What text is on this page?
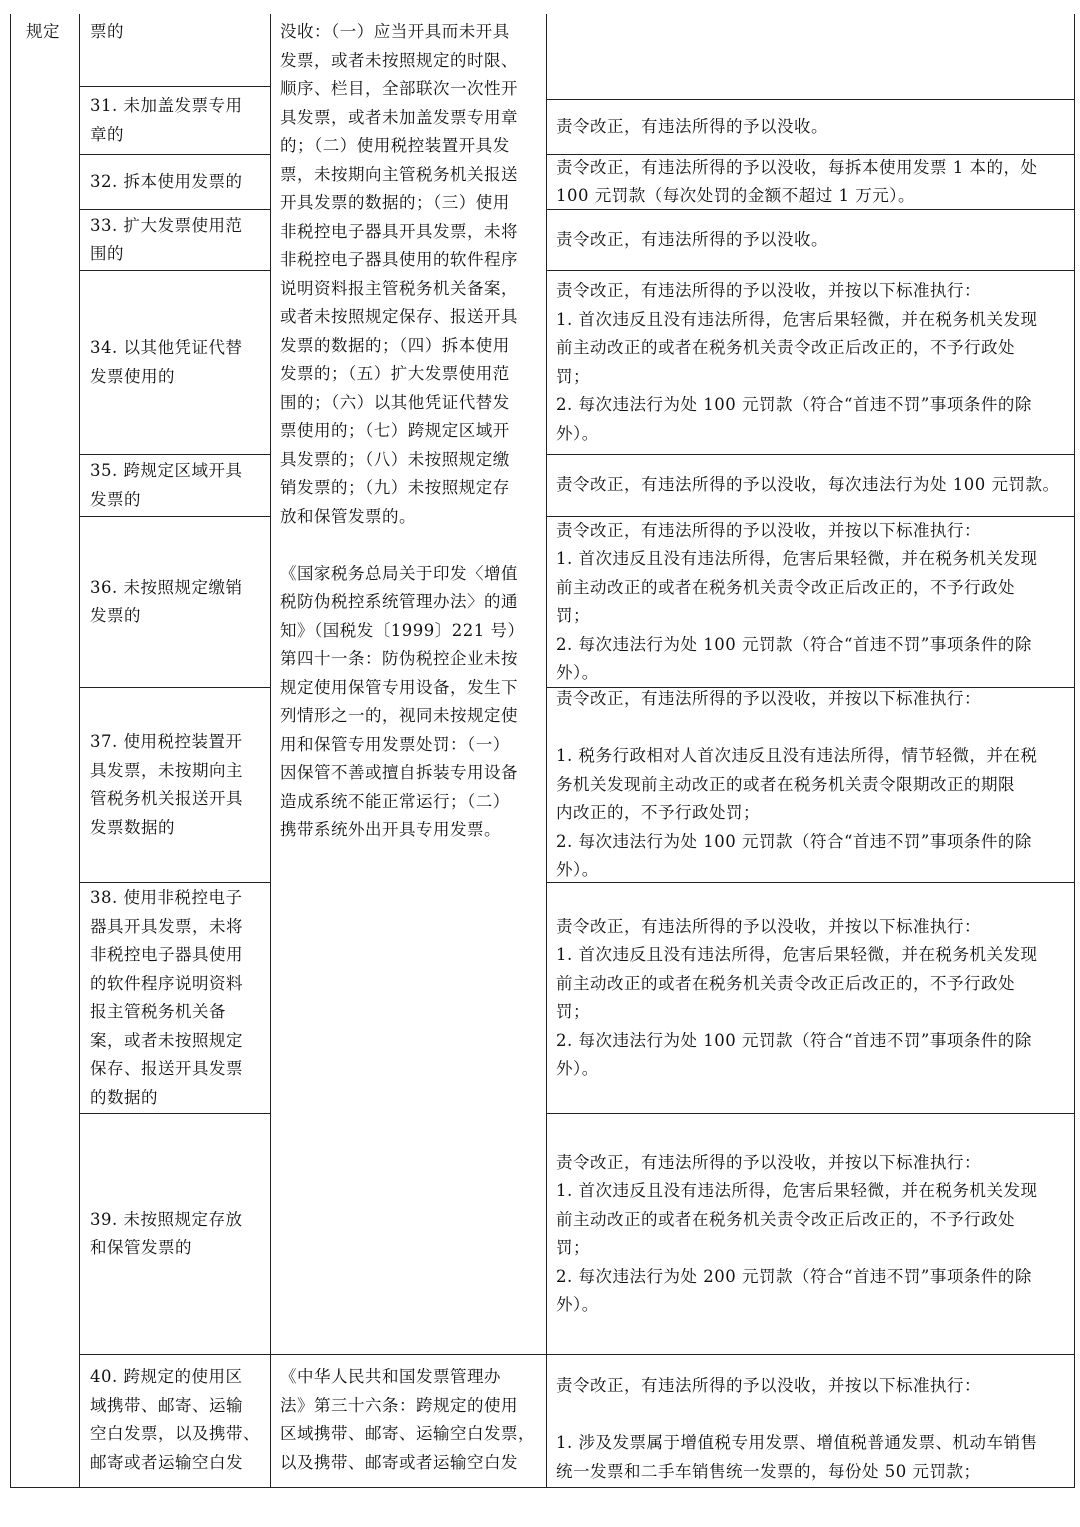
规定	票的
31. 未加盖发票专用
章的
32. 拆本使用发票的
33. 扩大发票使用范
围的
34. 以其他凭证代替
发票使用的
35. 跨规定区域开具
发票的
36. 未按照规定缴销
发票的
37. 使用税控装置开
具发票，未按期向主
管税务机关报送开具
发票数据的
38. 使用非税控电子
器具开具发票，未将
非税控电子器具使用
的软件程序说明资料
报主管税务机关备
案，或者未按照规定
保存、报送开具发票
的数据的
39. 未按照规定存放
和保管发票的
40. 跨规定的使用区
域携带、邮寄、运输
空白发票，以及携带、
邮寄或者运输空白发
没收：（一）应当开具而未开具
发票，或者未按照规定的时限、
顺序、栏目，全部联次一次性开
具发票，或者未加盖发票专用章
的；（二）使用税控装置开具发
票，未按期向主管税务机关报送
开具发票的数据的；（三）使用
非税控电子器具开具发票，未将
非税控电子器具使用的软件程序
说明资料报主管税务机关备案，
或者未按照规定保存、报送开具
发票的数据的；（四）拆本使用
发票的；（五）扩大发票使用范
围的；（六）以其他凭证代替发
票使用的；（七）跨规定区域开
具发票的；（八）未按照规定缴
销发票的；（九）未按照规定存
放和保管发票的。

《国家税务总局关于印发〈增值
税防伪税控系统管理办法〉的通
知》（国税发〔1999〕221 号）
第四十一条：防伪税控企业未按
规定使用保管专用设备，发生下
列情形之一的，视同未按规定使
用和保管专用发票处罚：（一）
因保管不善或擅自拆装专用设备
造成系统不能正常运行；（二）
携带系统外出开具专用发票。
《中华人民共和国发票管理办
法》第三十六条：跨规定的使用
区域携带、邮寄、运输空白发票，
以及携带、邮寄或者运输空白发
责令改正，有违法所得的予以没收。
责令改正，有违法所得的予以没收，每拆本使用发票 1 本的，处
100 元罚款（每次处罚的金额不超过 1 万元）。
责令改正，有违法所得的予以没收。
责令改正，有违法所得的予以没收，并按以下标准执行：
1. 首次违反且没有违法所得，危害后果轻微，并在税务机关发现
前主动改正的或者在税务机关责令改正后改正的，不予行政处
罚；
2. 每次违法行为处 100 元罚款（符合“首违不罚”事项条件的除
外）。
责令改正，有违法所得的予以没收，每次违法行为处 100 元罚款。
责令改正，有违法所得的予以没收，并按以下标准执行：
1. 首次违反且没有违法所得，危害后果轻微，并在税务机关发现
前主动改正的或者在税务机关责令改正后改正的，不予行政处
罚；
2. 每次违法行为处 100 元罚款（符合“首违不罚”事项条件的除
外）。
责令改正，有违法所得的予以没收，并按以下标准执行：

1. 税务行政相对人首次违反且没有违法所得，情节轻微，并在税
务机关发现前主动改正的或者在税务机关责令限期改正的期限
内改正的，不予行政处罚；
2. 每次违法行为处 100 元罚款（符合“首违不罚”事项条件的除
外）。
责令改正，有违法所得的予以没收，并按以下标准执行：
1. 首次违反且没有违法所得，危害后果轻微，并在税务机关发现
前主动改正的或者在税务机关责令改正后改正的，不予行政处
罚；
2. 每次违法行为处 100 元罚款（符合“首违不罚”事项条件的除
外）。
责令改正，有违法所得的予以没收，并按以下标准执行：
1. 首次违反且没有违法所得，危害后果轻微，并在税务机关发现
前主动改正的或者在税务机关责令改正后改正的，不予行政处
罚；
2. 每次违法行为处 200 元罚款（符合“首违不罚”事项条件的除
外）。
责令改正，有违法所得的予以没收，并按以下标准执行：

1. 涉及发票属于增值税专用发票、增值税普通发票、机动车销售
统一发票和二手车销售统一发票的，每份处 50 元罚款；
